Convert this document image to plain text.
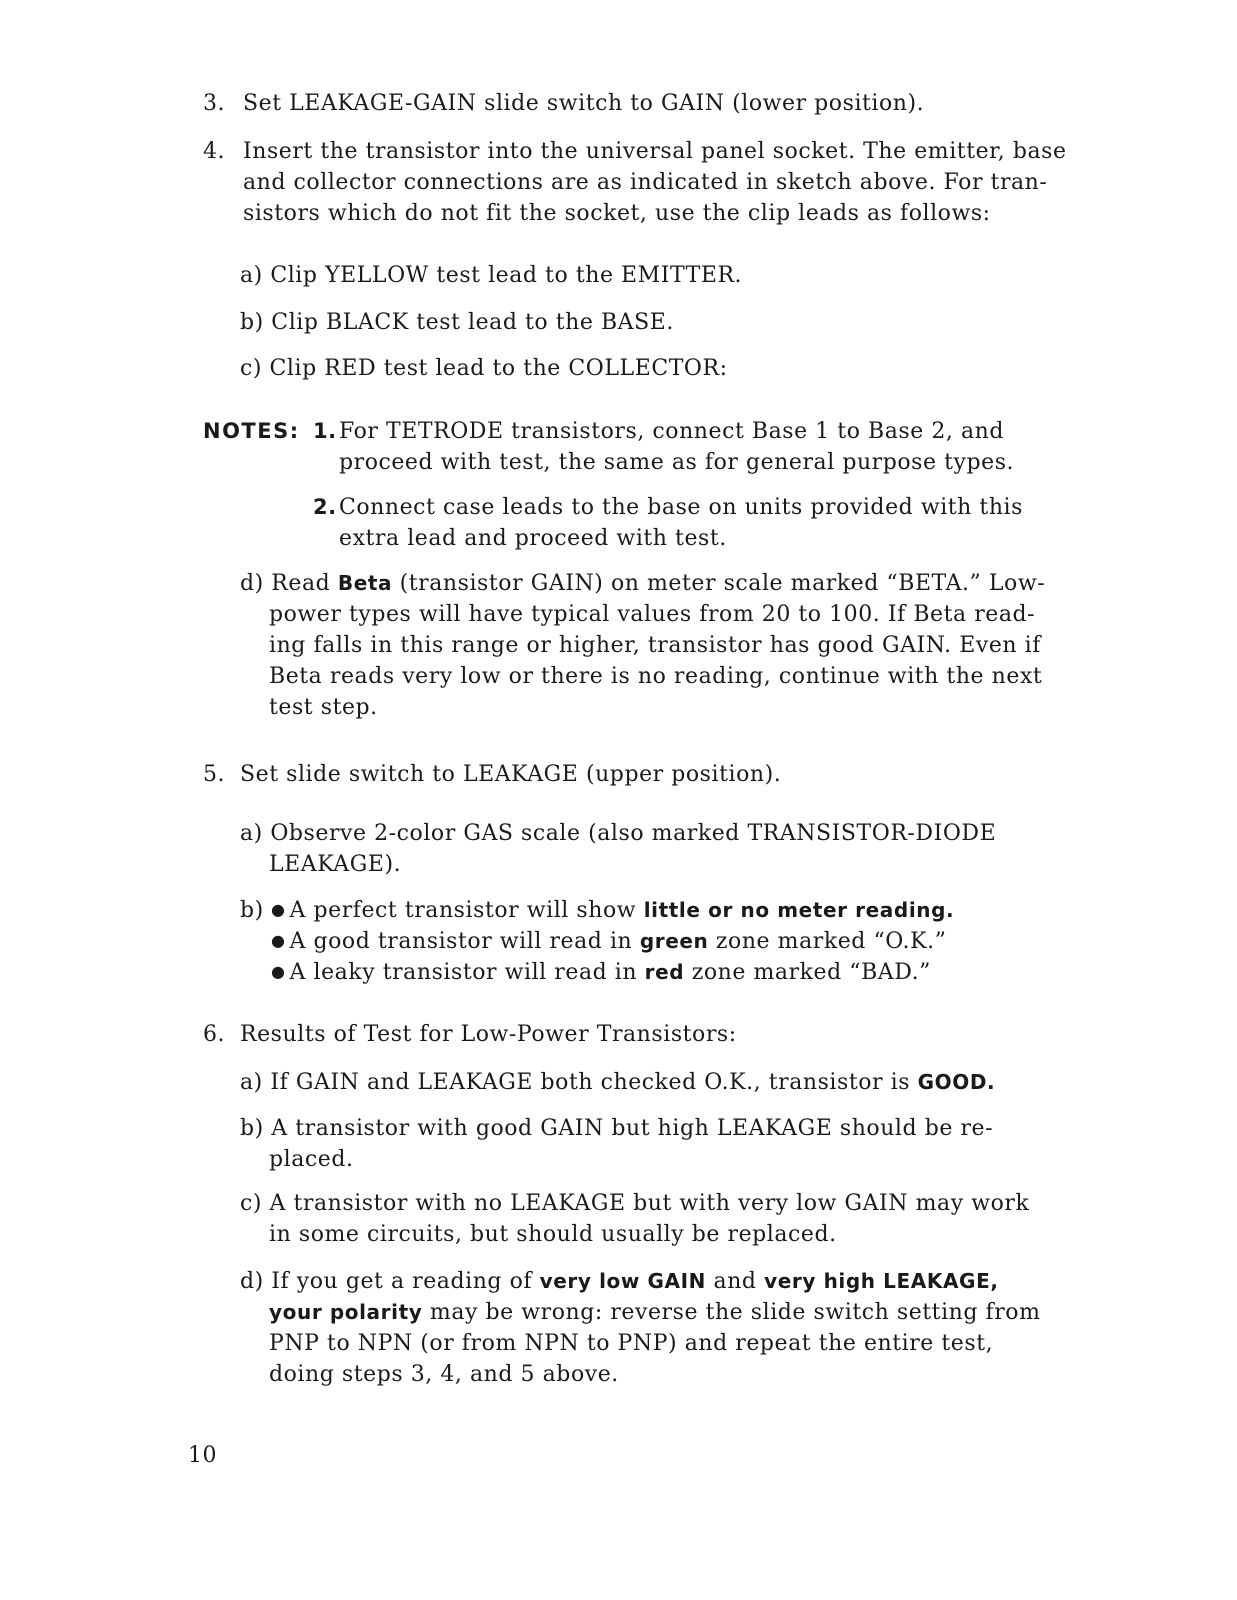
3. Set LEAKAGE-GAIN slide switch to GAIN (lower position).
4. Insert the transistor into the universal panel socket. The emitter, base
and collector connections are as indicated in sketch above. For tran-
sistors which do not fit the socket, use the clip leads as follows:
a) Clip YELLOW test lead to the EMITTER.
b) Clip BLACK test lead to the BASE.
c) Clip RED test lead to the COLLECTOR:
NOTES: 1. For TETRODE transistors, connect Base 1 to Base 2, and
proceed with test, the same as for general purpose types.
2. Connect case leads to the base on units provided with this
extra lead and proceed with test.
d) Read Beta (transistor GAIN) on meter scale marked “BETA.” Low-
power types will have typical values from 20 to 100. If Beta read-
ing falls in this range or higher, transistor has good GAIN. Even if
Beta reads very low or there is no reading, continue with the next
test step.
5. Set slide switch to LEAKAGE (upper position).
a) Observe 2-color GAS scale (also marked TRANSISTOR-DIODE
LEAKAGE).
b) ● A perfect transistor will show little or no meter reading.
● A good transistor will read in green zone marked “O.K.”
● A leaky transistor will read in red zone marked “BAD.”
6. Results of Test for Low-Power Transistors:
a) If GAIN and LEAKAGE both checked O.K., transistor is GOOD.
b) A transistor with good GAIN but high LEAKAGE should be re-
placed.
c) A transistor with no LEAKAGE but with very low GAIN may work
in some circuits, but should usually be replaced.
d) If you get a reading of very low GAIN and very high LEAKAGE,
your polarity may be wrong: reverse the slide switch setting from
PNP to NPN (or from NPN to PNP) and repeat the entire test,
doing steps 3, 4, and 5 above.
10
